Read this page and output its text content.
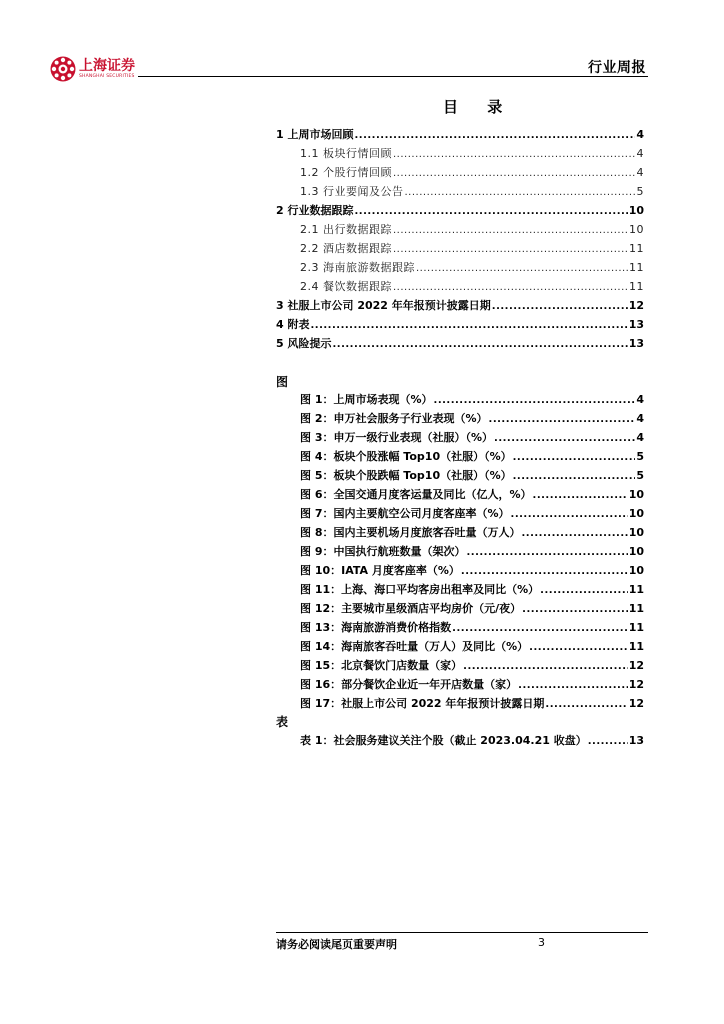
上海证券
SHANGHAI SECURITIES
行业周报
目 录
1 上周市场回顾 .....	4
1.1 板块行情回顾 .....	4
1.2 个股行情回顾 .....	4
1.3 行业要闻及公告 .....	5
2 行业数据跟踪 .....	10
2.1 出行数据跟踪 .....	10
2.2 酒店数据跟踪 .....	11
2.3 海南旅游数据跟踪 .....	11
2.4 餐饮数据跟踪 .....	11
3 社服上市公司 2022 年年报预计披露日期 .....	12
4 附表 .....	13
5 风险提示 .....	13
图
图 1：上周市场表现（%） .....	4
图 2：申万社会服务子行业表现（%） .....	4
图 3：申万一级行业表现（社服）（%） .....	4
图 4：板块个股涨幅 Top10（社服）（%） .....	5
图 5：板块个股跌幅 Top10（社服）（%） .....	5
图 6：全国交通月度客运量及同比（亿人，%） .....	10
图 7：国内主要航空公司月度客座率（%） .....	10
图 8：国内主要机场月度旅客吞吐量（万人） .....	10
图 9：中国执行航班数量（架次） .....	10
图 10：IATA 月度客座率（%） .....	10
图 11：上海、海口平均客房出租率及同比（%） .....	11
图 12：主要城市星级酒店平均房价（元/夜） .....	11
图 13：海南旅游消费价格指数 .....	11
图 14：海南旅客吞吐量（万人）及同比（%） .....	11
图 15：北京餐饮门店数量（家） .....	12
图 16：部分餐饮企业近一年开店数量（家） .....	12
图 17：社服上市公司 2022 年年报预计披露日期 .....	12
表
表 1：社会服务建议关注个股（截止 2023.04.21 收盘） .....	13
请务必阅读尾页重要声明	3
